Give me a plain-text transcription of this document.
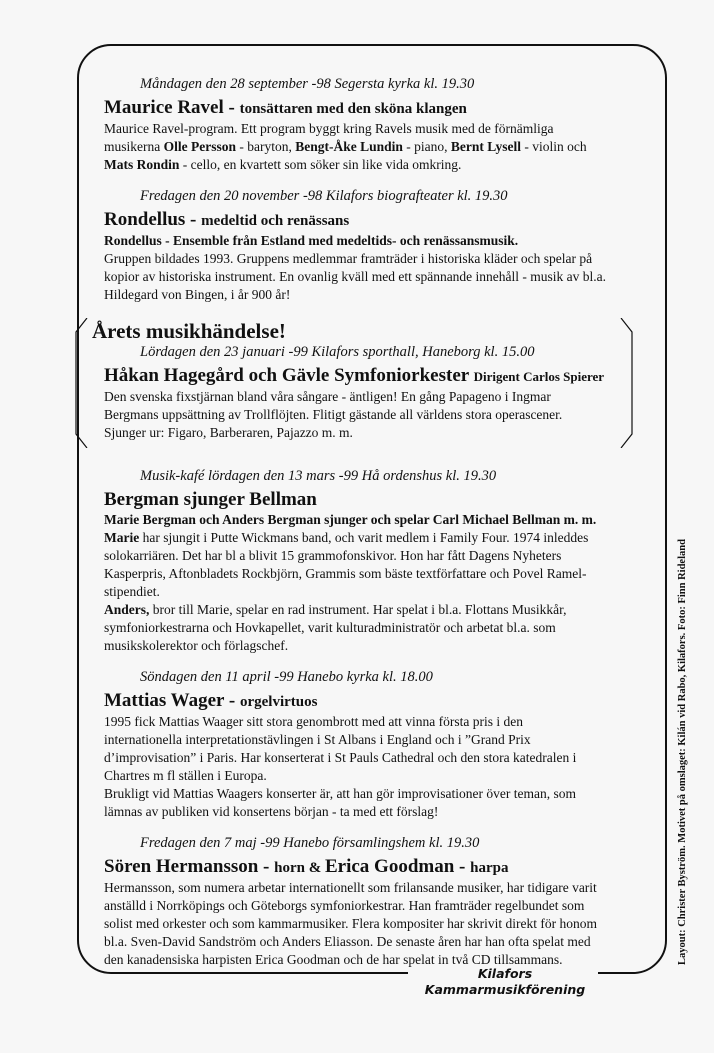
Måndagen den 28 september -98 Segersta kyrka kl. 19.30
Maurice Ravel - tonsättaren med den sköna klangen
Maurice Ravel-program. Ett program byggt kring Ravels musik med de förnämliga
musikerna Olle Persson - baryton, Bengt-Åke Lundin - piano, Bernt Lysell - violin och
Mats Rondin - cello, en kvartett som söker sin like vida omkring.
Fredagen den 20 november -98 Kilafors biografteater kl. 19.30
Rondellus - medeltid och renässans
Rondellus - Ensemble från Estland med medeltids- och renässansmusik.
Gruppen bildades 1993. Gruppens medlemmar framträder i historiska kläder och spelar på
kopior av historiska instrument. En ovanlig kväll med ett spännande innehåll - musik av bl.a.
Hildegard von Bingen, i år 900 år!
Årets musikhändelse!
Lördagen den 23 januari -99 Kilafors sporthall, Haneborg kl. 15.00
Håkan Hagegård och Gävle Symfoniorkester Dirigent Carlos Spierer
Den svenska fixstjärnan bland våra sångare - äntligen! En gång Papageno i Ingmar
Bergmans uppsättning av Trollflöjten. Flitigt gästande all världens stora operascener.
Sjunger ur: Figaro, Barberaren, Pajazzo m. m.
Musik-kafé lördagen den 13 mars -99 Hå ordenshus kl. 19.30
Bergman sjunger Bellman
Marie Bergman och Anders Bergman sjunger och spelar Carl Michael Bellman m. m.
Marie har sjungit i Putte Wickmans band, och varit medlem i Family Four. 1974 inleddes
solokarriären. Det har bl a blivit 15 grammofonskivor. Hon har fått Dagens Nyheters
Kasperpris, Aftonbladets Rockbjörn, Grammis som bäste textförfattare och Povel Ramel-
stipendiet.
Anders, bror till Marie, spelar en rad instrument. Har spelat i bl.a. Flottans Musikkår,
symfoniorkestrarna och Hovkapellet, varit kulturadministratör och arbetat bl.a. som
musikskolerektor och förlagschef.
Söndagen den 11 april -99 Hanebo kyrka kl. 18.00
Mattias Wager - orgelvirtuos
1995 fick Mattias Waager sitt stora genombrott med att vinna första pris i den
internationella interpretationstävlingen i St Albans i England och i ”Grand Prix
d’improvisation” i Paris. Har konserterat i St Pauls Cathedral och den stora katedralen i
Chartres m fl ställen i Europa.
Brukligt vid Mattias Waagers konserter är, att han gör improvisationer över teman, som
lämnas av publiken vid konsertens början - ta med ett förslag!
Fredagen den 7 maj -99 Hanebo församlingshem kl. 19.30
Sören Hermansson - horn & Erica Goodman - harpa
Hermansson, som numera arbetar internationellt som frilansande musiker, har tidigare varit
anställd i Norrköpings och Göteborgs symfoniorkestrar. Han framträder regelbundet som
solist med orkester och som kammarmusiker. Flera kompositer har skrivit direkt för honom
bl.a. Sven-David Sandström och Anders Eliasson. De senaste åren har han ofta spelat med
den kanadensiska harpisten Erica Goodman och de har spelat in två CD tillsammans.
Kilafors
Kammarmusikförening
Layout: Christer Byström. Motivet på omslaget: Kilán vid Rabo, Kilafors. Foto: Finn Rideland
